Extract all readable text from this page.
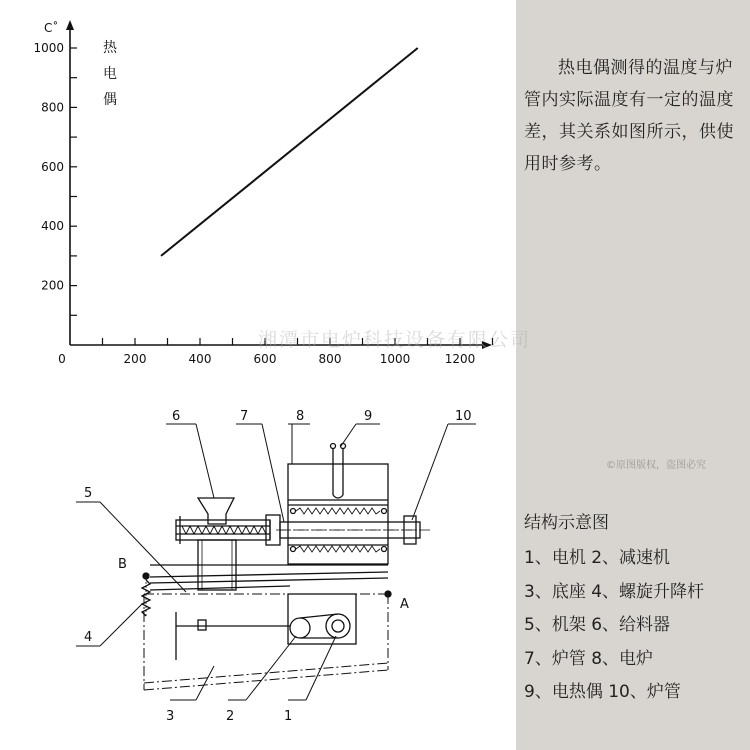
200	400	600	800	1000	1200
200
400
600
800
1000
C˚
0
热电偶
6	7	8	9	10
5
4
3	2	1
A
B
湘潭市电炉科技设备有限公司

热电偶测得的温度与炉管内实际温度有一定的温度差，其关系如图所示，供使用时参考。

©原图版权，盗图必究
结构示意图
1、电机 2、减速机
3、底座 4、螺旋升降杆
5、机架 6、给料器
7、炉管 8、电炉
9、电热偶 10、炉管
